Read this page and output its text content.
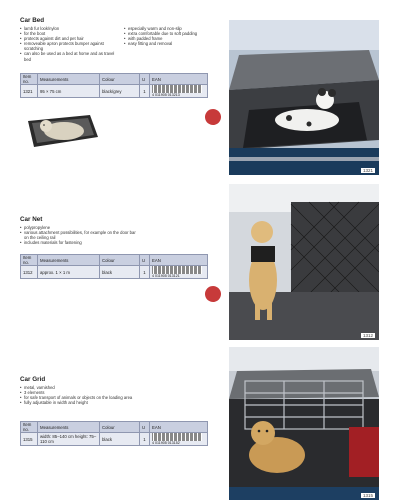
Car Bed
• lamb fur look/nylon
• for the boot
• protects against dirt and pet hair
• removeable apron protects bumper against scratching
• can also be used as a bed at home and as travel bed
• especially warm and non-slip
• extra comfortable due to soft padding
• with padded frame
• easy fitting and removal
Item no.	Measurements	Colour	U	EAN
1321	95 × 75 cm	black/grey	1	4 011905 013213
1321
Car Net
• polypropylene
• various attachment possibilities, for example on the door bar on the ceiling rail
• includes materials for fastening
Item no.	Measurements	Colour	U	EAN
1312	approx. 1 × 1 m	black	1	4 011905 013121
1312
Car Grid
• metal, varnished
• 3 elements
• for safe transport of animals or objects on the loading area
• fully adjustable in width and height
Item no.	Measurements	Colour	U	EAN
1315	width: 85–140 cm height: 75–110 cm	black	1	4 011905 013152
1315
